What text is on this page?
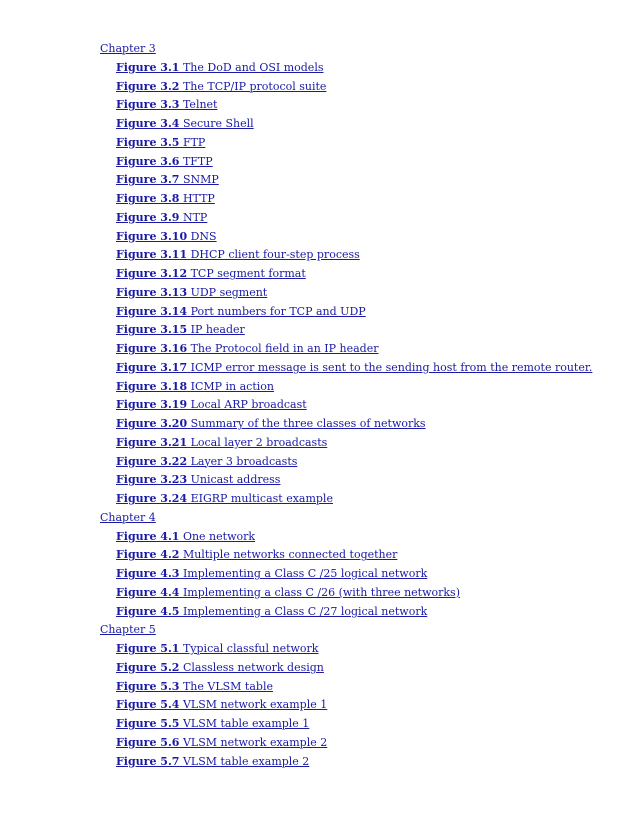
Chapter 3
Figure 3.1 The DoD and OSI models
Figure 3.2 The TCP/IP protocol suite
Figure 3.3 Telnet
Figure 3.4 Secure Shell
Figure 3.5 FTP
Figure 3.6 TFTP
Figure 3.7 SNMP
Figure 3.8 HTTP
Figure 3.9 NTP
Figure 3.10 DNS
Figure 3.11 DHCP client four-step process
Figure 3.12 TCP segment format
Figure 3.13 UDP segment
Figure 3.14 Port numbers for TCP and UDP
Figure 3.15 IP header
Figure 3.16 The Protocol field in an IP header
Figure 3.17 ICMP error message is sent to the sending host from the remote router.
Figure 3.18 ICMP in action
Figure 3.19 Local ARP broadcast
Figure 3.20 Summary of the three classes of networks
Figure 3.21 Local layer 2 broadcasts
Figure 3.22 Layer 3 broadcasts
Figure 3.23 Unicast address
Figure 3.24 EIGRP multicast example
Chapter 4
Figure 4.1 One network
Figure 4.2 Multiple networks connected together
Figure 4.3 Implementing a Class C /25 logical network
Figure 4.4 Implementing a class C /26 (with three networks)
Figure 4.5 Implementing a Class C /27 logical network
Chapter 5
Figure 5.1 Typical classful network
Figure 5.2 Classless network design
Figure 5.3 The VLSM table
Figure 5.4 VLSM network example 1
Figure 5.5 VLSM table example 1
Figure 5.6 VLSM network example 2
Figure 5.7 VLSM table example 2
